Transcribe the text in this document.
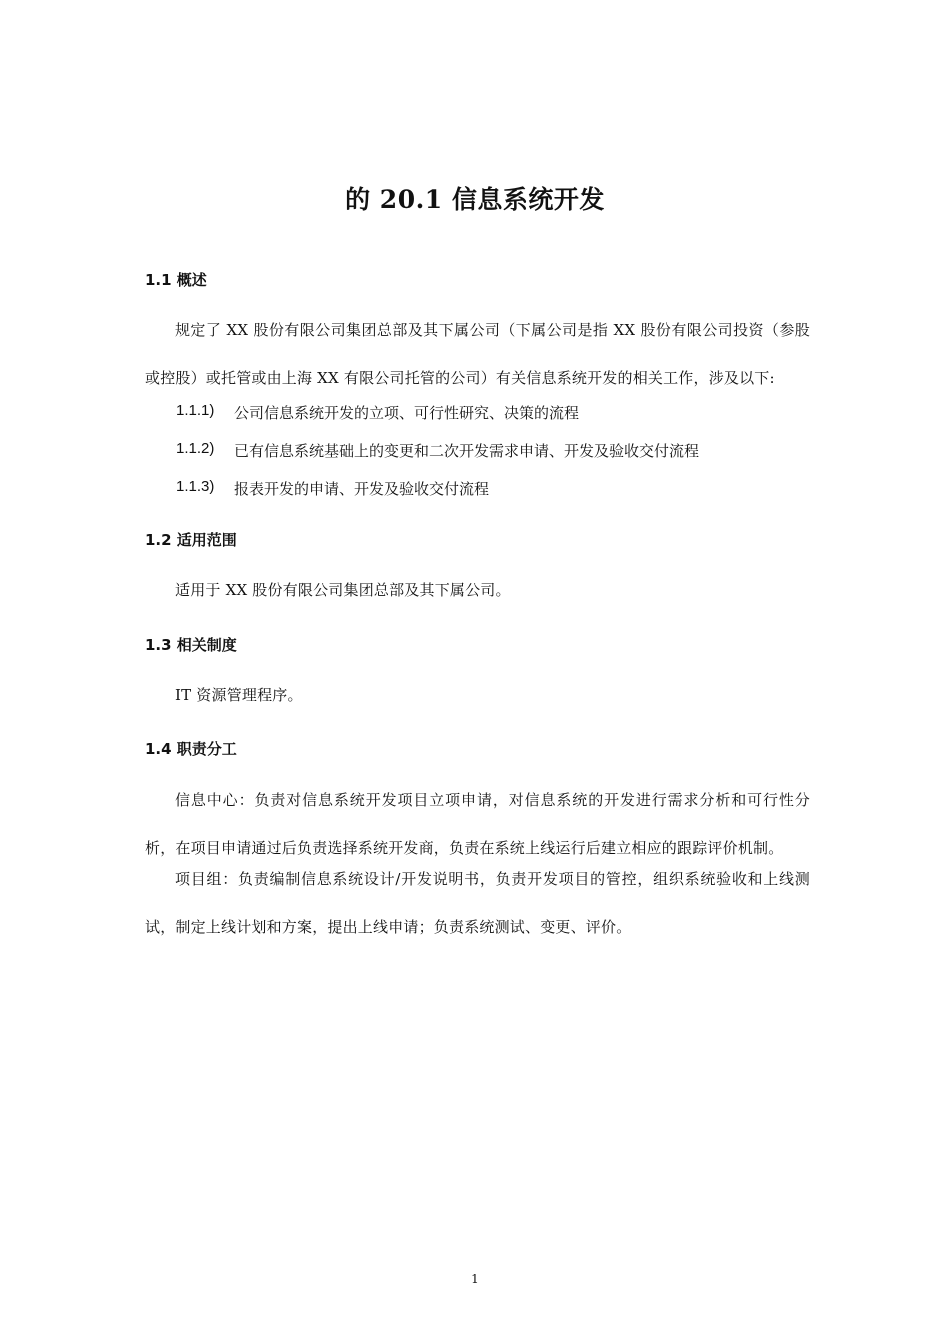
的 20.1 信息系统开发
1.1 概述
规定了 XX 股份有限公司集团总部及其下属公司（下属公司是指 XX 股份有限公司投资（参股或控股）或托管或由上海 XX 有限公司托管的公司）有关信息系统开发的相关工作，涉及以下:
1.1.1)	公司信息系统开发的立项、可行性研究、决策的流程
1.1.2)	已有信息系统基础上的变更和二次开发需求申请、开发及验收交付流程
1.1.3)	报表开发的申请、开发及验收交付流程
1.2 适用范围
适用于 XX 股份有限公司集团总部及其下属公司。
1.3 相关制度
IT 资源管理程序。
1.4 职责分工
信息中心：负责对信息系统开发项目立项申请，对信息系统的开发进行需求分析和可行性分析，在项目申请通过后负责选择系统开发商，负责在系统上线运行后建立相应的跟踪评价机制。
项目组：负责编制信息系统设计/开发说明书，负责开发项目的管控，组织系统验收和上线测试，制定上线计划和方案，提出上线申请；负责系统测试、变更、评价。
1
